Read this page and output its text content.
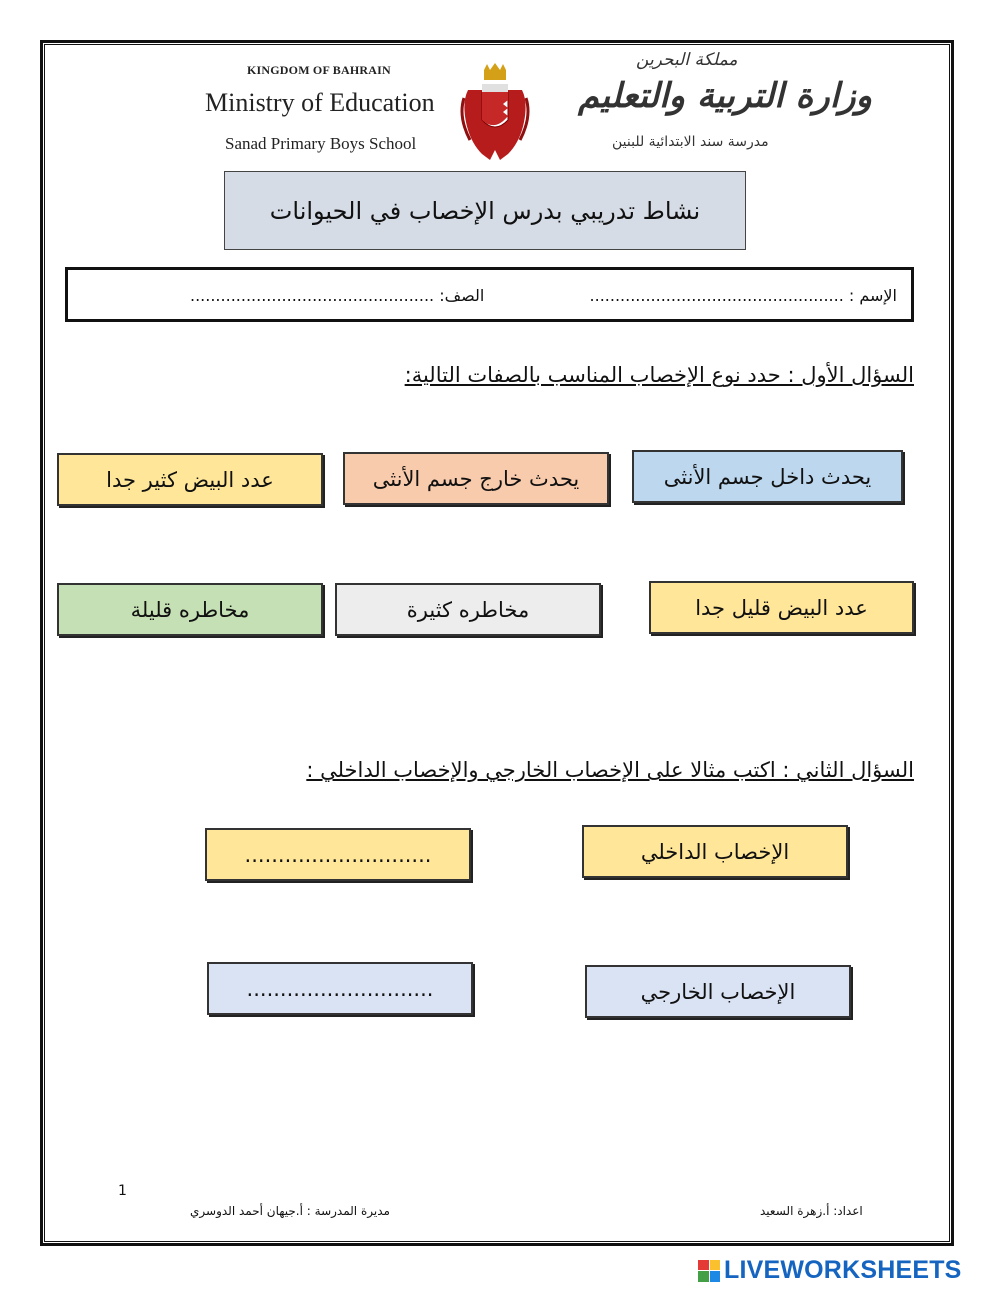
KINGDOM OF BAHRAIN
Ministry of Education
Sanad Primary Boys School
مملكة البحرين
وزارة التربية والتعليم
مدرسة سند الابتدائية للبنين
نشاط تدريبي بدرس الإخصاب في الحيوانات
الإسم : ..................................................
الصف: ................................................
السؤال الأول : حدد نوع الإخصاب المناسب بالصفات التالية:
يحدث داخل جسم الأنثى
يحدث خارج جسم الأنثى
عدد البيض كثير جدا
عدد البيض قليل جدا
مخاطره كثيرة
مخاطره قليلة
السؤال الثاني : اكتب مثالا على الإخصاب الخارجي والإخصاب الداخلي :
الإخصاب الداخلي
............................
الإخصاب الخارجي
............................
1
مديرة المدرسة : أ.جيهان أحمد الدوسري	اعداد: أ.زهرة السعيد
LIVEWORKSHEETS
